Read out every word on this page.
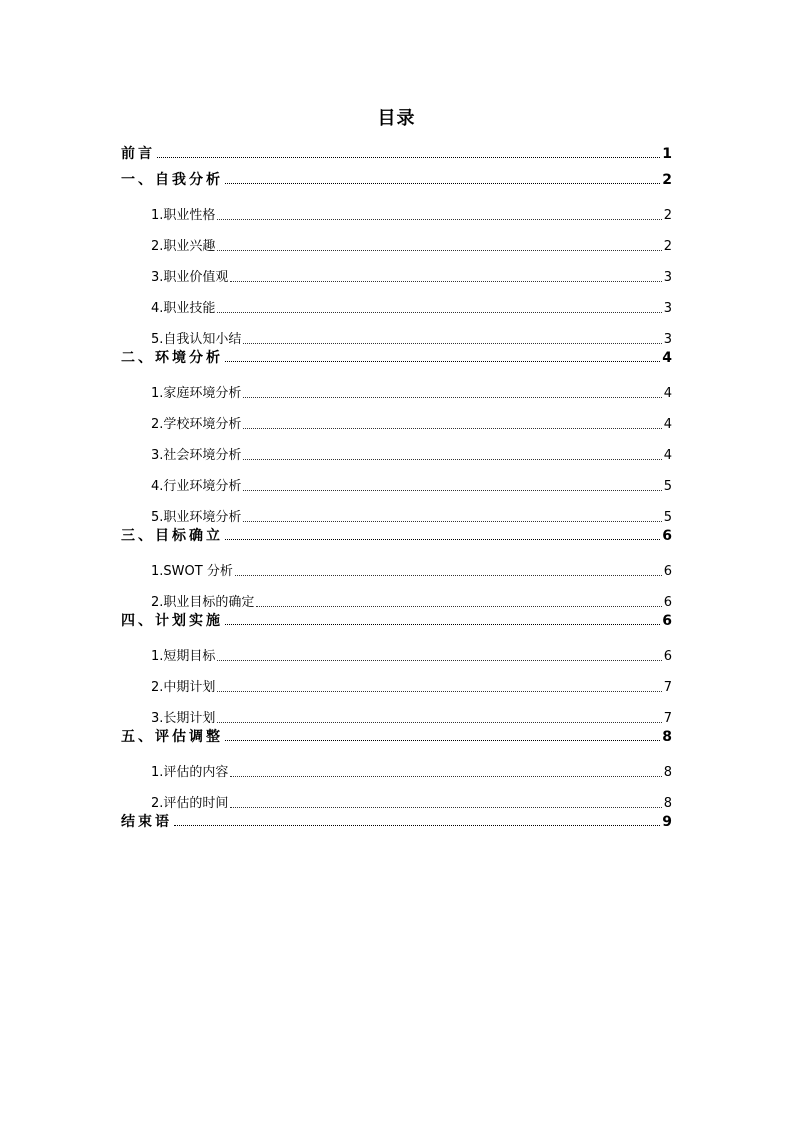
目录
前言	1
一、自我分析	2
1.职业性格	2
2.职业兴趣	2
3.职业价值观	3
4.职业技能	3
5.自我认知小结	3
二、环境分析	4
1.家庭环境分析	4
2.学校环境分析	4
3.社会环境分析	4
4.行业环境分析	5
5.职业环境分析	5
三、目标确立	6
1.SWOT 分析	6
2.职业目标的确定	6
四、计划实施	6
1.短期目标	6
2.中期计划	7
3.长期计划	7
五、评估调整	8
1.评估的内容	8
2.评估的时间	8
结束语	9
